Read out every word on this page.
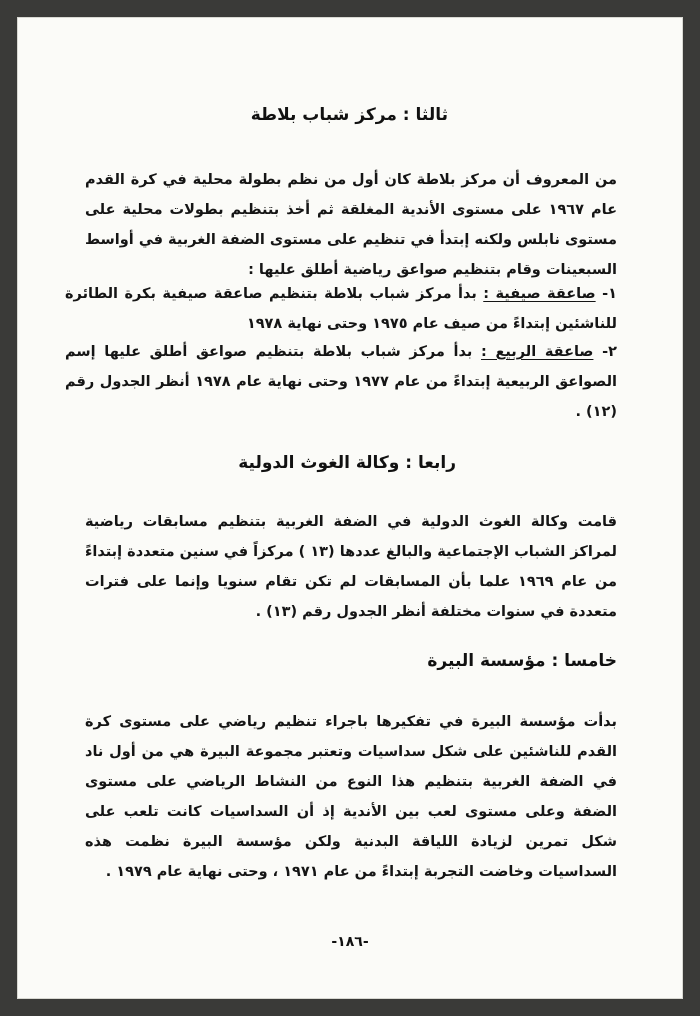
ثالثا : مركز شباب بلاطة
من المعروف أن مركز بلاطة كان أول من نظم بطولة محلية في كرة القدم عام ١٩٦٧ على مستوى الأندية المغلقة ثم أخذ بتنظيم بطولات محلية على مستوى نابلس ولكنه إبتدأ في تنظيم على مستوى الضفة الغربية في أواسط السبعينات وقام بتنظيم صواعق رياضية أطلق عليها :
١- صاعقة صيفية : بدأ مركز شباب بلاطة بتنظيم صاعقة صيفية بكرة الطائرة للناشئين إبتداءً من صيف عام ١٩٧٥ وحتى نهاية ١٩٧٨
٢- صاعقة الربيع : بدأ مركز شباب بلاطة بتنظيم صواعق أطلق عليها إسم الصواعق الربيعية إبتداءً من عام ١٩٧٧ وحتى نهاية عام ١٩٧٨ أنظر الجدول رقم (١٢) .
رابعا : وكالة الغوث الدولية
قامت وكالة الغوث الدولية في الضفة الغربية بتنظيم مسابقات رياضية لمراكز الشباب الإجتماعية والبالغ عددها (١٣ ) مركزاً في سنين متعددة إبتداءً من عام ١٩٦٩ علما بأن المسابقات لم تكن تقام سنويا وإنما على فترات متعددة في سنوات مختلفة أنظر الجدول رقم (١٣) .
خامسا : مؤسسة البيرة
بدأت مؤسسة البيرة في تفكيرها باجراء تنظيم رياضي على مستوى كرة القدم للناشئين على شكل سداسيات وتعتبر مجموعة البيرة هي من أول ناد في الضفة الغربية بتنظيم هذا النوع من النشاط الرياضي على مستوى الضفة وعلى مستوى لعب بين الأندية إذ أن السداسيات كانت تلعب على شكل تمرين لزيادة اللياقة البدنية ولكن مؤسسة البيرة نظمت هذه السداسيات وخاضت التجربة إبتداءً من عام ١٩٧١ ، وحتى نهاية عام ١٩٧٩ .
-١٨٦-
